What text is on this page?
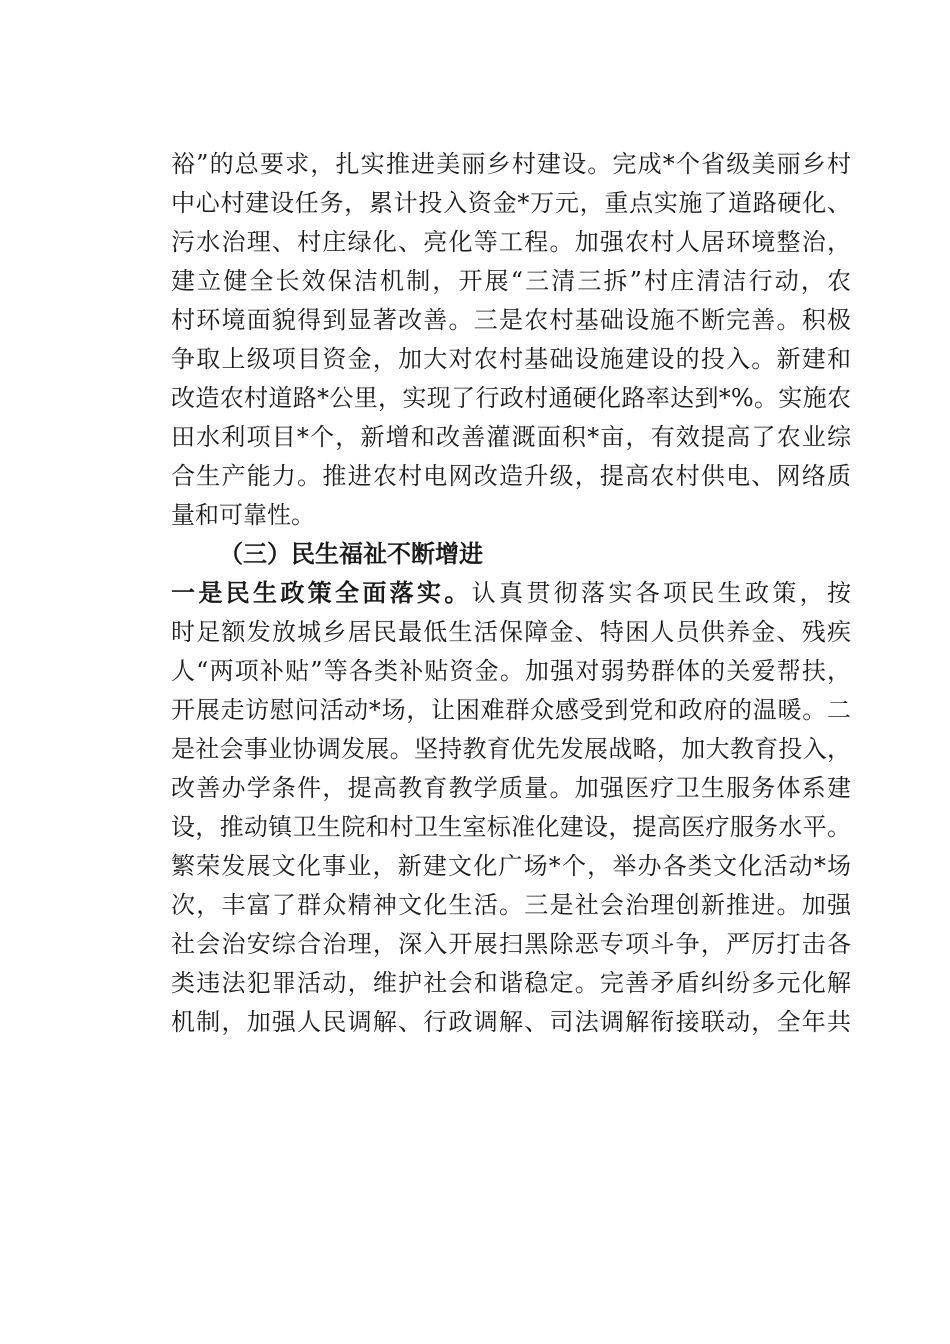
裕”的总要求，扎实推进美丽乡村建设。完成*个省级美丽乡村
中心村建设任务，累计投入资金*万元，重点实施了道路硬化、
污水治理、村庄绿化、亮化等工程。加强农村人居环境整治，
建立健全长效保洁机制，开展“三清三拆”村庄清洁行动，农
村环境面貌得到显著改善。三是农村基础设施不断完善。积极
争取上级项目资金，加大对农村基础设施建设的投入。新建和
改造农村道路*公里，实现了行政村通硬化路率达到*%。实施农
田水利项目*个，新增和改善灌溉面积*亩，有效提高了农业综
合生产能力。推进农村电网改造升级，提高农村供电、网络质
量和可靠性。
（三）民生福祉不断增进
一是民生政策全面落实。认真贯彻落实各项民生政策，按
时足额发放城乡居民最低生活保障金、特困人员供养金、残疾
人“两项补贴”等各类补贴资金。加强对弱势群体的关爱帮扶，
开展走访慰问活动*场，让困难群众感受到党和政府的温暖。二
是社会事业协调发展。坚持教育优先发展战略，加大教育投入，
改善办学条件，提高教育教学质量。加强医疗卫生服务体系建
设，推动镇卫生院和村卫生室标准化建设，提高医疗服务水平。
繁荣发展文化事业，新建文化广场*个，举办各类文化活动*场
次，丰富了群众精神文化生活。三是社会治理创新推进。加强
社会治安综合治理，深入开展扫黑除恶专项斗争，严厉打击各
类违法犯罪活动，维护社会和谐稳定。完善矛盾纠纷多元化解
机制，加强人民调解、行政调解、司法调解衔接联动，全年共
